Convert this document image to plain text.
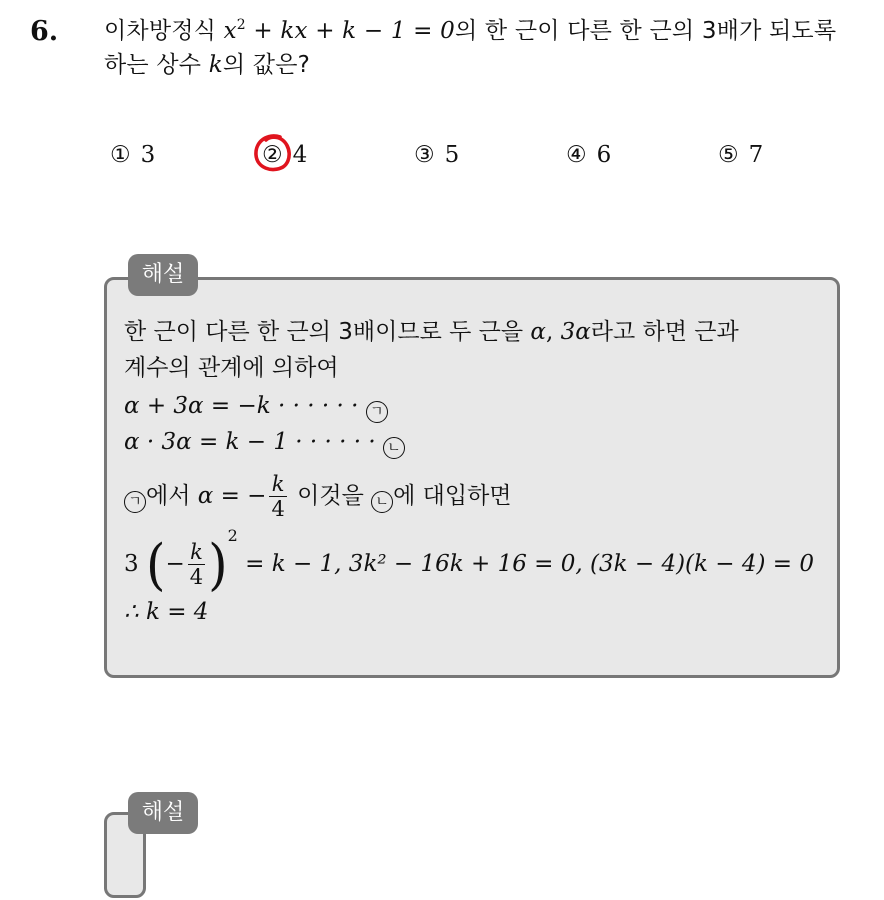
6. 이차방정식 $x^2$ + kx + k − 1 = 0의 한 근이 다른 한 근의 3배가 되도록
하는 상수 k의 값은?
① 3	② 4	③ 5	④ 6	⑤ 7
해설
한 근이 다른 한 근의 3배이므로 두 근을 α, 3α라고 하면 근과
계수의 관계에 의하여
α + 3α = −k · · · · · · ㄱ
α · 3α = k − 1 · · · · · · ㄴ
ㄱ 에서 α = − $\frac{k}{4}$ 이것을 ㄴ 에 대입하면
3 (− $\frac{k}{4} )^2 = k - 1$, 3k² − 16k + 16 = 0, (3k − 4)(k − 4) = 0
∴ k = 4
해설
